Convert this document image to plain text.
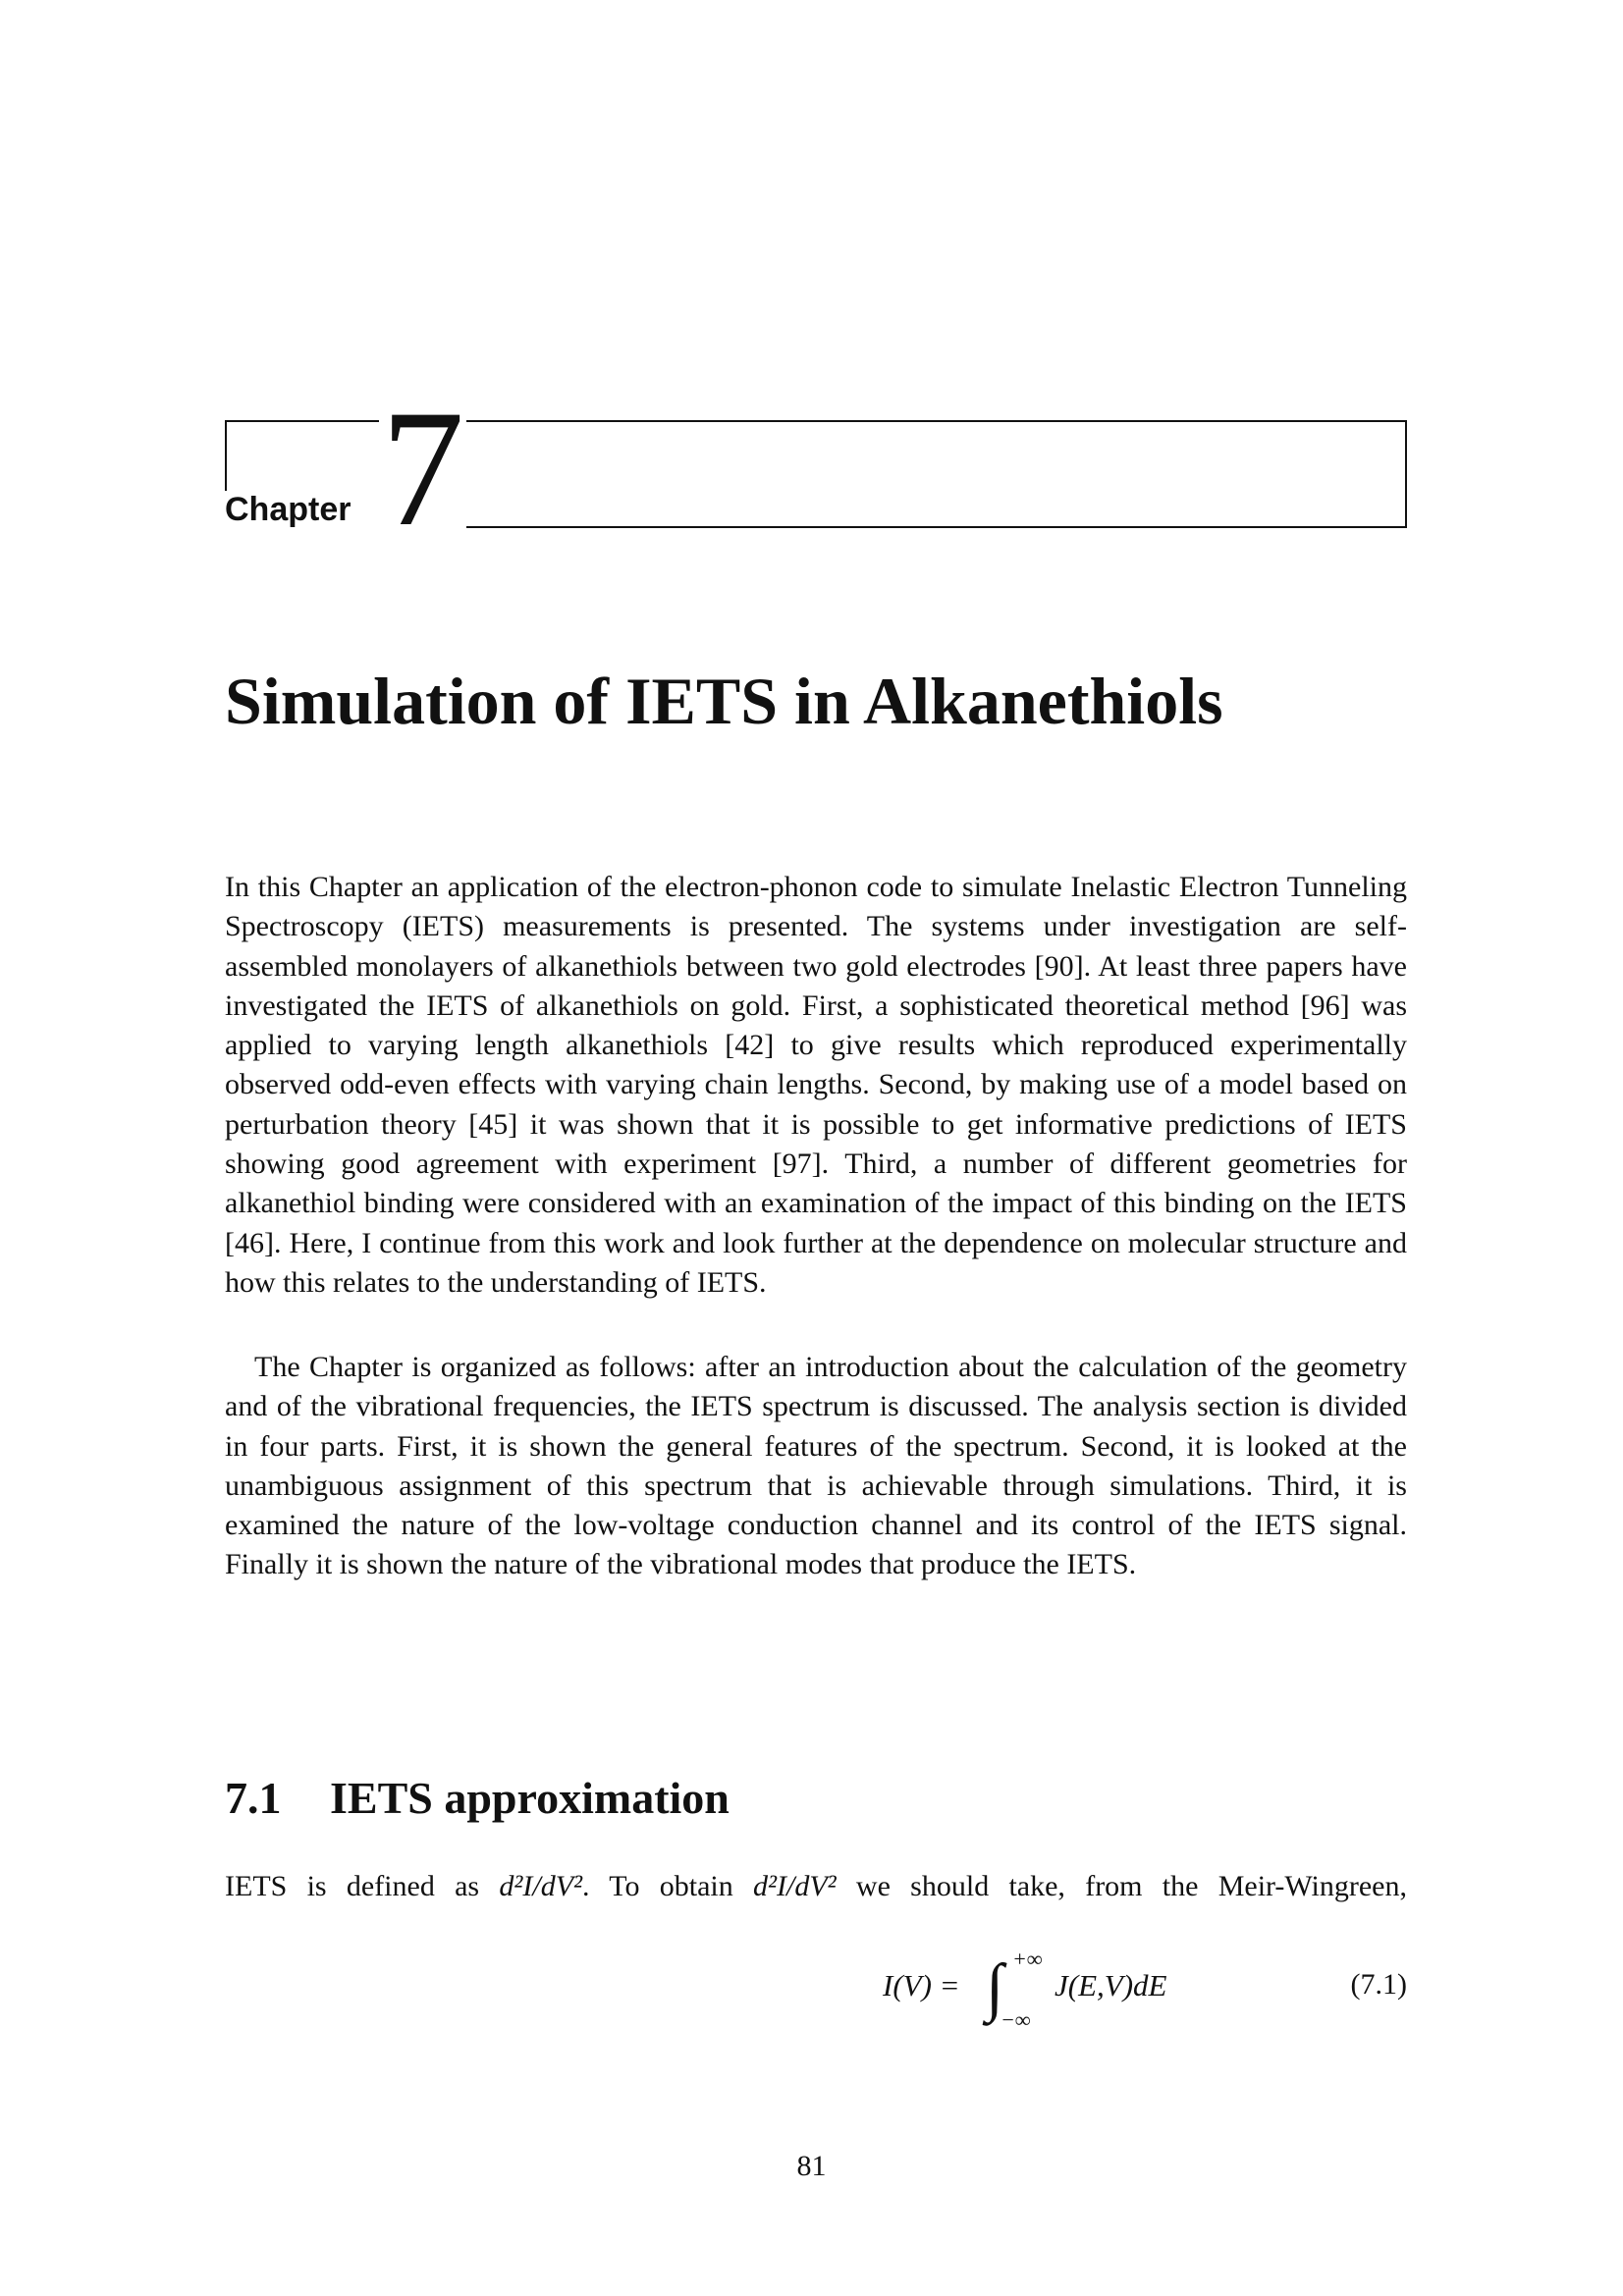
Chapter 7
Simulation of IETS in Alkanethiols

In this Chapter an application of the electron-phonon code to simulate Inelastic Electron Tunneling Spectroscopy (IETS) measurements is presented. The systems under investigation are self-assembled monolayers of alkanethiols between two gold electrodes [90]. At least three papers have investigated the IETS of alkanethiols on gold. First, a sophisticated theoretical method [96] was applied to varying length alkanethiols [42] to give results which reproduced experimentally observed odd-even effects with varying chain lengths. Second, by making use of a model based on perturbation theory [45] it was shown that it is possible to get informative predictions of IETS showing good agreement with experiment [97]. Third, a number of different geometries for alkanethiol binding were considered with an examination of the impact of this binding on the IETS [46]. Here, I continue from this work and look further at the dependence on molecular structure and how this relates to the understanding of IETS.

The Chapter is organized as follows: after an introduction about the calculation of the geometry and of the vibrational frequencies, the IETS spectrum is discussed. The analysis section is divided in four parts. First, it is shown the general features of the spectrum. Second, it is looked at the unambiguous assignment of this spectrum that is achievable through simulations. Third, it is examined the nature of the low-voltage conduction channel and its control of the IETS signal. Finally it is shown the nature of the vibrational modes that produce the IETS.

7.1 IETS approximation
IETS is defined as d²I/dV². To obtain d²I/dV² we should take, from the Meir-Wingreen,
I(V) = ∫ +∞
−∞
J(E,V)dE	(7.1)
81
